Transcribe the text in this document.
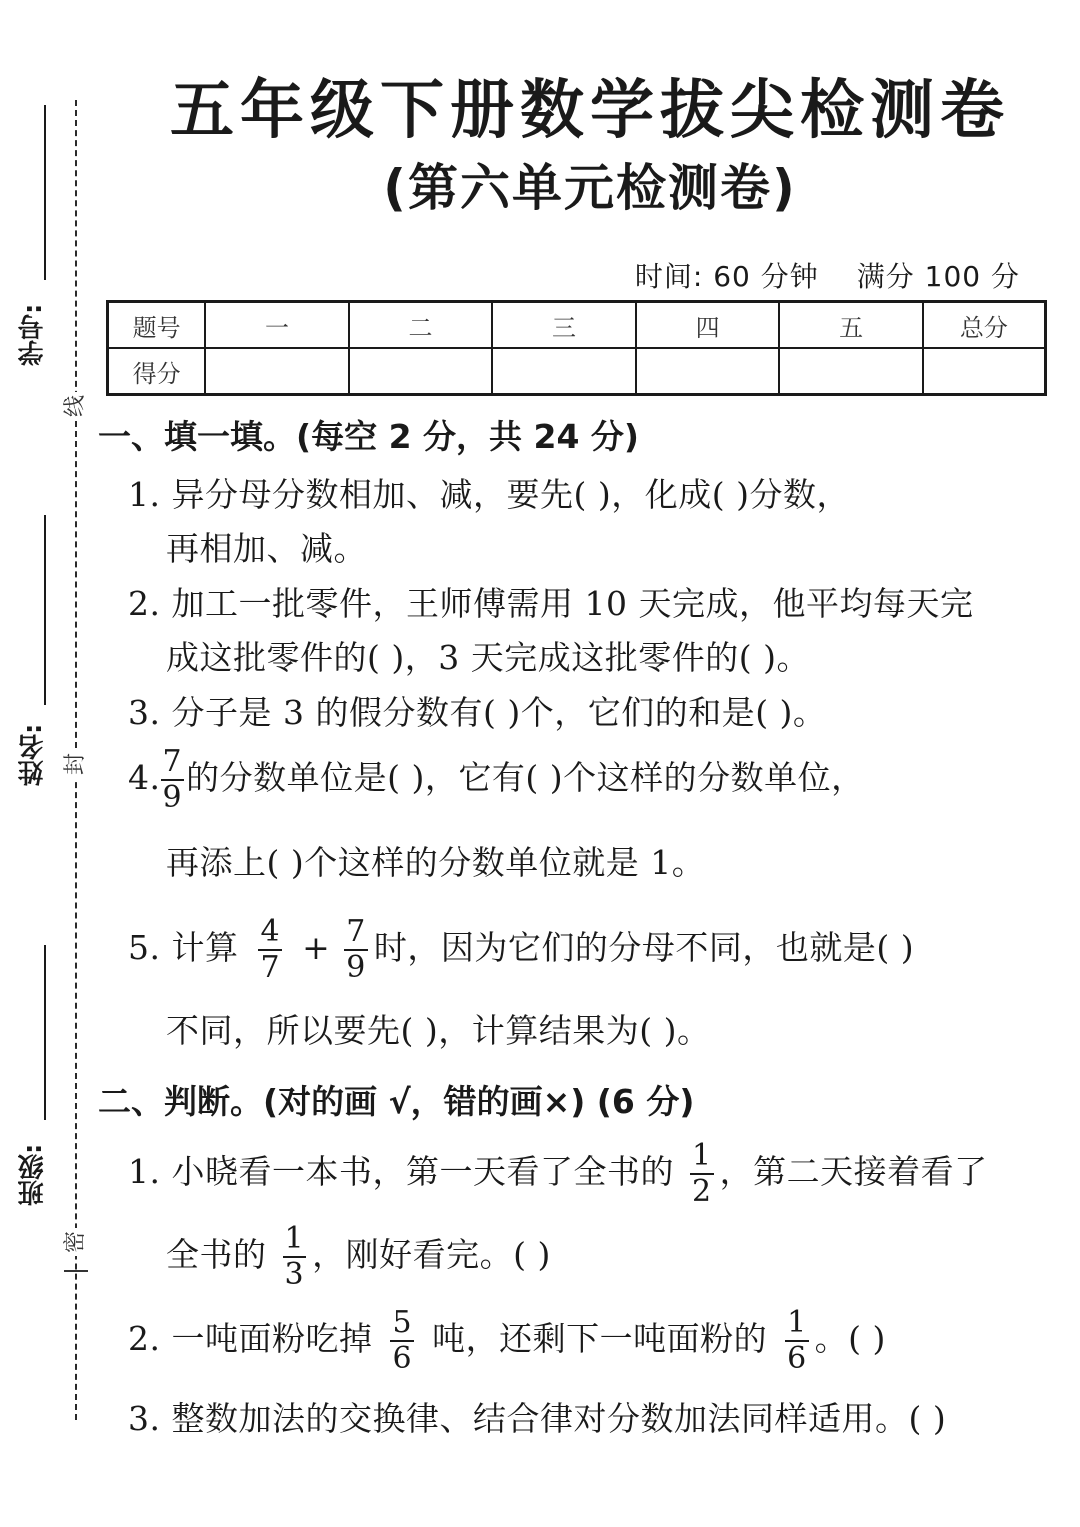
学号:
姓名:
班级:
线
封
密
五年级下册数学拔尖检测卷
(第六单元检测卷)
时间: 60 分钟 满分 100 分
题号	一	二	三	四	五	总分
得分						
一、填一填。(每空 2 分，共 24 分)
1. 异分母分数相加、减，要先( )，化成( )分数，
再相加、减。
2. 加工一批零件，王师傅需用 10 天完成，他平均每天完
成这批零件的( )，3 天完成这批零件的( )。
3. 分子是 3 的假分数有( )个，它们的和是( )。
4. $\frac{7}{9}$ 的分数单位是( )，它有( )个这样的分数单位，
再添上( )个这样的分数单位就是 1。
5. 计算 $\frac{4}{7} + \frac{7}{9}$ 时，因为它们的分母不同，也就是( )
不同，所以要先( )，计算结果为( )。
二、判断。(对的画 √，错的画×) (6 分)
1. 小晓看一本书，第一天看了全书的 $\frac{1}{2}$ ，第二天接着看了
全书的 $\frac{1}{3}$ ，刚好看完。( )
2. 一吨面粉吃掉 $\frac{5}{6}$ 吨，还剩下一吨面粉的 $\frac{1}{6}$ 。( )
3. 整数加法的交换律、结合律对分数加法同样适用。( )
